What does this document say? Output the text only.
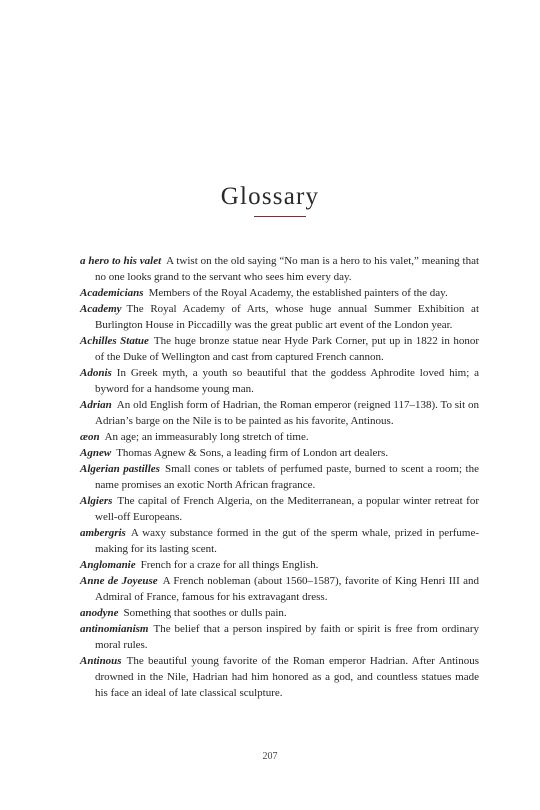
Glossary

a hero to his valet A twist on the old saying “No man is a hero to his valet,” meaning that no one looks grand to the servant who sees him every day.

Academicians Members of the Royal Academy, the established painters of the day.

Academy The Royal Academy of Arts, whose huge annual Summer Exhibition at Burlington House in Piccadilly was the great public art event of the London year.

Achilles Statue The huge bronze statue near Hyde Park Corner, put up in 1822 in honor of the Duke of Wellington and cast from captured French cannon.

Adonis In Greek myth, a youth so beautiful that the goddess Aphrodite loved him; a byword for a handsome young man.

Adrian An old English form of Hadrian, the Roman emperor (reigned 117–138). To sit on Adrian’s barge on the Nile is to be painted as his favorite, Antinous.

æon An age; an immeasurably long stretch of time.

Agnew Thomas Agnew & Sons, a leading firm of London art dealers.

Algerian pastilles Small cones or tablets of perfumed paste, burned to scent a room; the name promises an exotic North African fragrance.

Algiers The capital of French Algeria, on the Mediterranean, a popular winter retreat for well-off Europeans.

ambergris A waxy substance formed in the gut of the sperm whale, prized in perfume-making for its lasting scent.

Anglomanie French for a craze for all things English.

Anne de Joyeuse A French nobleman (about 1560–1587), favorite of King Henri III and Admiral of France, famous for his extravagant dress.

anodyne Something that soothes or dulls pain.

antinomianism The belief that a person inspired by faith or spirit is free from ordinary moral rules.

Antinous The beautiful young favorite of the Roman emperor Hadrian. After Antinous drowned in the Nile, Hadrian had him honored as a god, and countless statues made his face an ideal of late classical sculpture.

207
